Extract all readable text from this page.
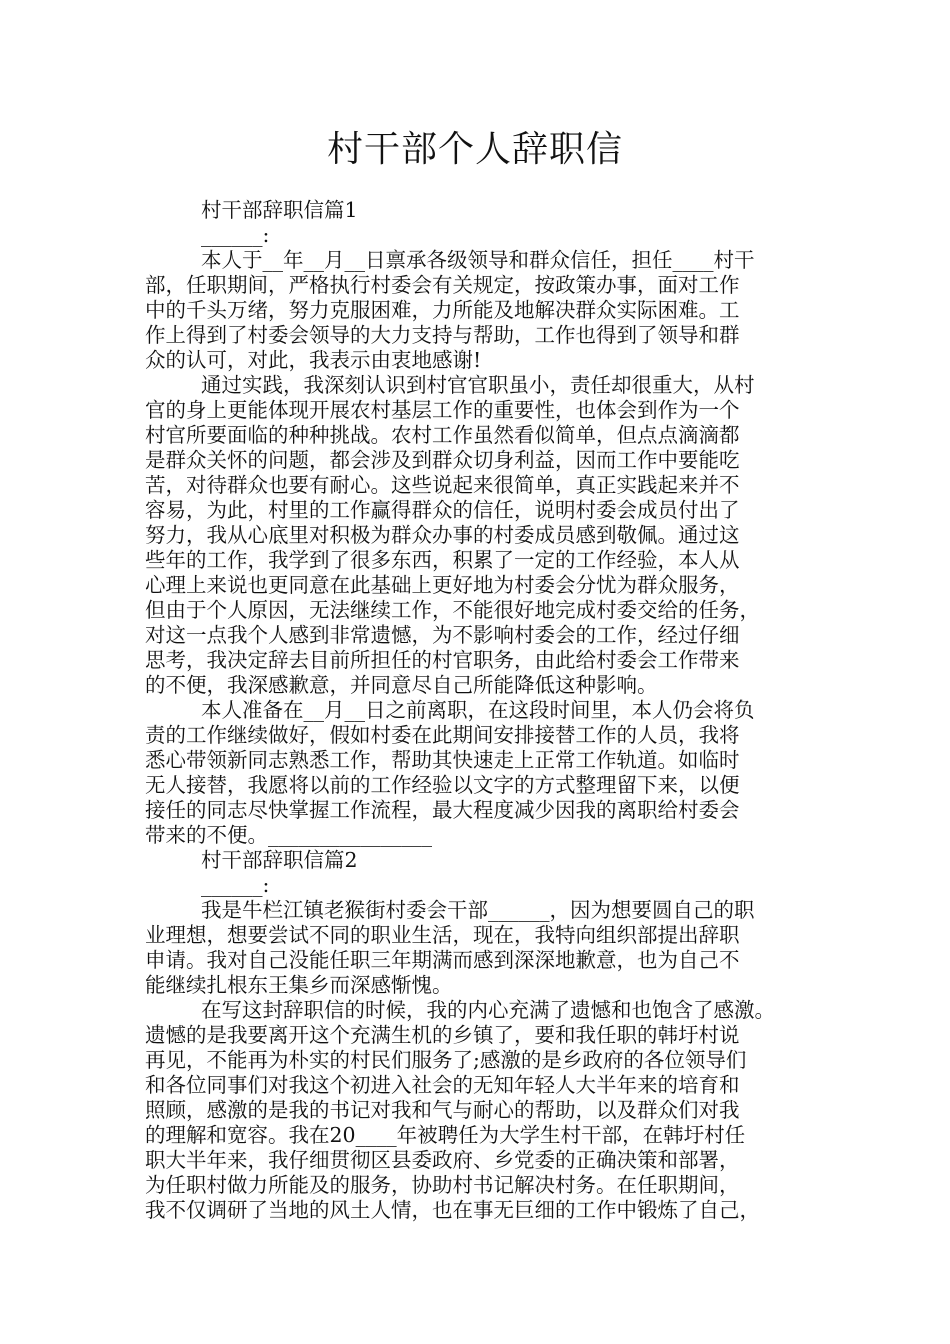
村干部个人辞职信
村干部辞职信篇1
______:
本人于__年__月__日禀承各级领导和群众信任，担任____村干
部，任职期间，严格执行村委会有关规定，按政策办事，面对工作
中的千头万绪，努力克服困难，力所能及地解决群众实际困难。工
作上得到了村委会领导的大力支持与帮助，工作也得到了领导和群
众的认可，对此，我表示由衷地感谢!
通过实践，我深刻认识到村官官职虽小，责任却很重大，从村
官的身上更能体现开展农村基层工作的重要性，也体会到作为一个
村官所要面临的种种挑战。农村工作虽然看似简单，但点点滴滴都
是群众关怀的问题，都会涉及到群众切身利益，因而工作中要能吃
苦，对待群众也要有耐心。这些说起来很简单，真正实践起来并不
容易，为此，村里的工作赢得群众的信任，说明村委会成员付出了
努力，我从心底里对积极为群众办事的村委成员感到敬佩。通过这
些年的工作，我学到了很多东西，积累了一定的工作经验，本人从
心理上来说也更同意在此基础上更好地为村委会分忧为群众服务，
但由于个人原因，无法继续工作，不能很好地完成村委交给的任务，
对这一点我个人感到非常遗憾，为不影响村委会的工作，经过仔细
思考，我决定辞去目前所担任的村官职务，由此给村委会工作带来
的不便，我深感歉意，并同意尽自己所能降低这种影响。
本人准备在__月__日之前离职，在这段时间里，本人仍会将负
责的工作继续做好，假如村委在此期间安排接替工作的人员，我将
悉心带领新同志熟悉工作，帮助其快速走上正常工作轨道。如临时
无人接替，我愿将以前的工作经验以文字的方式整理留下来，以便
接任的同志尽快掌握工作流程，最大程度减少因我的离职给村委会
带来的不便。________________
村干部辞职信篇2
______:
我是牛栏江镇老猴街村委会干部______，因为想要圆自己的职
业理想，想要尝试不同的职业生活，现在，我特向组织部提出辞职
申请。我对自己没能任职三年期满而感到深深地歉意，也为自己不
能继续扎根东王集乡而深感惭愧。
在写这封辞职信的时候，我的内心充满了遗憾和也饱含了感激。
遗憾的是我要离开这个充满生机的乡镇了，要和我任职的韩圩村说
再见，不能再为朴实的村民们服务了;感激的是乡政府的各位领导们
和各位同事们对我这个初进入社会的无知年轻人大半年来的培育和
照顾，感激的是我的书记对我和气与耐心的帮助，以及群众们对我
的理解和宽容。我在20____年被聘任为大学生村干部，在韩圩村任
职大半年来，我仔细贯彻区县委政府、乡党委的正确决策和部署，
为任职村做力所能及的服务，协助村书记解决村务。在任职期间，
我不仅调研了当地的风土人情，也在事无巨细的工作中锻炼了自己，
